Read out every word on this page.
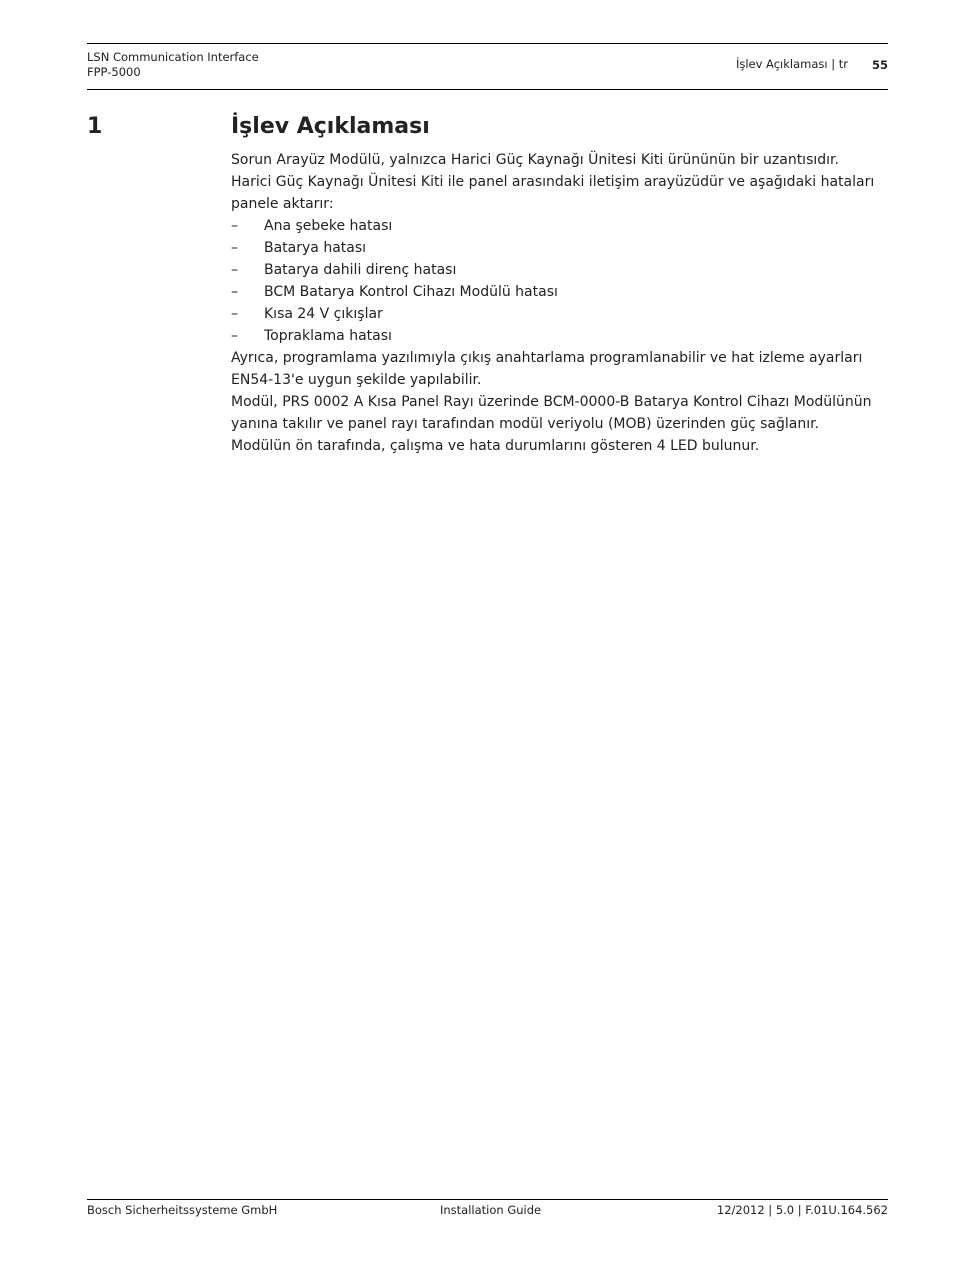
LSN Communication Interface
FPP-5000
İşlev Açıklaması | tr 55
1	İşlev Açıklaması

Sorun Arayüz Modülü, yalnızca Harici Güç Kaynağı Ünitesi Kiti ürününün bir uzantısıdır. Harici Güç Kaynağı Ünitesi Kiti ile panel arasındaki iletişim arayüzüdür ve aşağıdaki hataları panele aktarır:

– Ana şebeke hatası
– Batarya hatası
– Batarya dahili direnç hatası
– BCM Batarya Kontrol Cihazı Modülü hatası
– Kısa 24 V çıkışlar
– Topraklama hatası

Ayrıca, programlama yazılımıyla çıkış anahtarlama programlanabilir ve hat izleme ayarları EN54-13'e uygun şekilde yapılabilir.

Modül, PRS 0002 A Kısa Panel Rayı üzerinde BCM-0000-B Batarya Kontrol Cihazı Modülünün yanına takılır ve panel rayı tarafından modül veriyolu (MOB) üzerinden güç sağlanır. Modülün ön tarafında, çalışma ve hata durumlarını gösteren 4 LED bulunur.

Bosch Sicherheitssysteme GmbH	Installation Guide	12/2012 | 5.0 | F.01U.164.562
